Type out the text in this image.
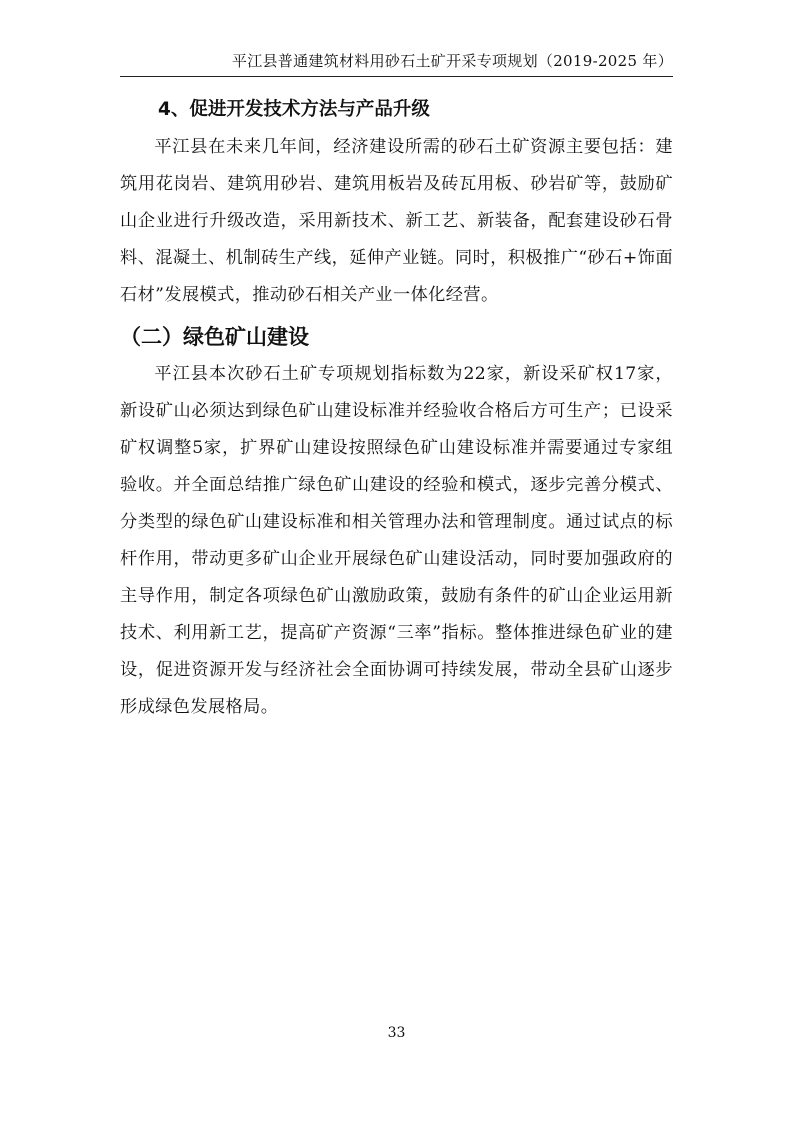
平江县普通建筑材料用砂石土矿开采专项规划（2019-2025 年）
4、促进开发技术方法与产品升级

平江县在未来几年间，经济建设所需的砂石土矿资源主要包括：建筑用花岗岩、建筑用砂岩、建筑用板岩及砖瓦用板、砂岩矿等，鼓励矿山企业进行升级改造，采用新技术、新工艺、新装备，配套建设砂石骨料、混凝土、机制砖生产线，延伸产业链。同时，积极推广“砂石+饰面石材”发展模式，推动砂石相关产业一体化经营。

（二）绿色矿山建设

平江县本次砂石土矿专项规划指标数为22家，新设采矿权17家，新设矿山必须达到绿色矿山建设标准并经验收合格后方可生产；已设采矿权调整5家，扩界矿山建设按照绿色矿山建设标准并需要通过专家组验收。并全面总结推广绿色矿山建设的经验和模式，逐步完善分模式、分类型的绿色矿山建设标准和相关管理办法和管理制度。通过试点的标杆作用，带动更多矿山企业开展绿色矿山建设活动，同时要加强政府的主导作用，制定各项绿色矿山激励政策，鼓励有条件的矿山企业运用新技术、利用新工艺，提高矿产资源“三率”指标。整体推进绿色矿业的建设，促进资源开发与经济社会全面协调可持续发展，带动全县矿山逐步形成绿色发展格局。

33
